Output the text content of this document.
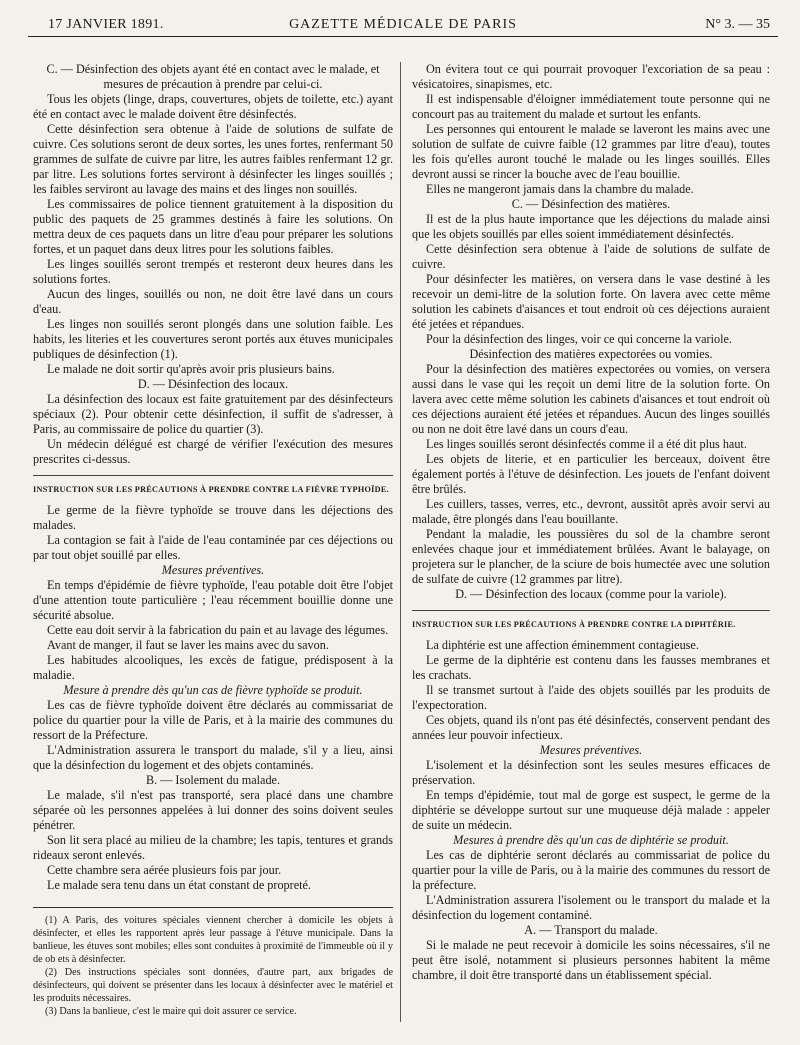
17 JANVIER 1891.	GAZETTE MÉDICALE DE PARIS	N° 3. — 35

C. — Désinfection des objets ayant été en contact avec le malade, et mesures de précaution à prendre par celui-ci.

Tous les objets (linge, draps, couvertures, objets de toilette, etc.) ayant été en contact avec le malade doivent être désinfectés.

Cette désinfection sera obtenue à l'aide de solutions de sulfate de cuivre. Ces solutions seront de deux sortes, les unes fortes, renfermant 50 grammes de sulfate de cuivre par litre, les autres faibles renfermant 12 gr. par litre. Les solutions fortes serviront à désinfecter les linges souillés ; les faibles serviront au lavage des mains et des linges non souillés.

Les commissaires de police tiennent gratuitement à la disposition du public des paquets de 25 grammes destinés à faire les solutions. On mettra deux de ces paquets dans un litre d'eau pour préparer les solutions fortes, et un paquet dans deux litres pour les solutions faibles.

Les linges souillés seront trempés et resteront deux heures dans les solutions fortes.

Aucun des linges, souillés ou non, ne doit être lavé dans un cours d'eau.

Les linges non souillés seront plongés dans une solution faible. Les habits, les literies et les couvertures seront portés aux étuves municipales publiques de désinfection (1).

Le malade ne doit sortir qu'après avoir pris plusieurs bains.

D. — Désinfection des locaux.

La désinfection des locaux est faite gratuitement par des désinfecteurs spéciaux (2). Pour obtenir cette désinfection, il suffit de s'adresser, à Paris, au commissaire de police du quartier (3).

Un médecin délégué est chargé de vérifier l'exécution des mesures prescrites ci-dessus.

INSTRUCTION SUR LES PRÉCAUTIONS À PRENDRE CONTRE LA FIÈVRE TYPHOÏDE.

Le germe de la fièvre typhoïde se trouve dans les déjections des malades.

La contagion se fait à l'aide de l'eau contaminée par ces déjections ou par tout objet souillé par elles.

Mesures préventives.

En temps d'épidémie de fièvre typhoïde, l'eau potable doit être l'objet d'une attention toute particulière ; l'eau récemment bouillie donne une sécurité absolue.

Cette eau doit servir à la fabrication du pain et au lavage des légumes.

Avant de manger, il faut se laver les mains avec du savon.

Les habitudes alcooliques, les excès de fatigue, prédisposent à la maladie.

Mesure à prendre dès qu'un cas de fièvre typhoïde se produit.

Les cas de fièvre typhoïde doivent être déclarés au commissariat de police du quartier pour la ville de Paris, et à la mairie des communes du ressort de la Préfecture.

L'Administration assurera le transport du malade, s'il y a lieu, ainsi que la désinfection du logement et des objets contaminés.

B. — Isolement du malade.

Le malade, s'il n'est pas transporté, sera placé dans une chambre séparée où les personnes appelées à lui donner des soins doivent seules pénétrer.

Son lit sera placé au milieu de la chambre; les tapis, tentures et grands rideaux seront enlevés.

Cette chambre sera aérée plusieurs fois par jour.

Le malade sera tenu dans un état constant de propreté.

(1) A Paris, des voitures spéciales viennent chercher à domicile les objets à désinfecter, et elles les rapportent après leur passage à l'étuve municipale. Dans la banlieue, les étuves sont mobiles; elles sont conduites à proximité de l'immeuble où il y de ob ets à désinfecter.

(2) Des instructions spéciales sont données, d'autre part, aux brigades de désinfecteurs, qui doivent se présenter dans les locaux à désinfecter avec le matériel et les produits nécessaires.

(3) Dans la banlieue, c'est le maire qui doit assurer ce service.

On évitera tout ce qui pourrait provoquer l'excoriation de sa peau : vésicatoires, sinapismes, etc.

Il est indispensable d'éloigner immédiatement toute personne qui ne concourt pas au traitement du malade et surtout les enfants.

Les personnes qui entourent le malade se laveront les mains avec une solution de sulfate de cuivre faible (12 grammes par litre d'eau), toutes les fois qu'elles auront touché le malade ou les linges souillés. Elles devront aussi se rincer la bouche avec de l'eau bouillie.

Elles ne mangeront jamais dans la chambre du malade.

C. — Désinfection des matières.

Il est de la plus haute importance que les déjections du malade ainsi que les objets souillés par elles soient immédiatement désinfectés.

Cette désinfection sera obtenue à l'aide de solutions de sulfate de cuivre.

Pour désinfecter les matières, on versera dans le vase destiné à les recevoir un demi-litre de la solution forte. On lavera avec cette même solution les cabinets d'aisances et tout endroit où ces déjections auraient été jetées et répandues.

Pour la désinfection des linges, voir ce qui concerne la variole.

Désinfection des matières expectorées ou vomies.

Pour la désinfection des matières expectorées ou vomies, on versera aussi dans le vase qui les reçoit un demi litre de la solution forte. On lavera avec cette même solution les cabinets d'aisances et tout endroit où ces déjections auraient été jetées et répandues. Aucun des linges souillés ou non ne doit être lavé dans un cours d'eau.

Les linges souillés seront désinfectés comme il a été dit plus haut.

Les objets de literie, et en particulier les berceaux, doivent être également portés à l'étuve de désinfection. Les jouets de l'enfant doivent être brûlés.

Les cuillers, tasses, verres, etc., devront, aussitôt après avoir servi au malade, être plongés dans l'eau bouillante.

Pendant la maladie, les poussières du sol de la chambre seront enlevées chaque jour et immédiatement brûlées. Avant le balayage, on projetera sur le plancher, de la sciure de bois humectée avec une solution de sulfate de cuivre (12 grammes par litre).

D. — Désinfection des locaux (comme pour la variole).

INSTRUCTION SUR LES PRÉCAUTIONS À PRENDRE CONTRE LA DIPHTÉRIE.

La diphtérie est une affection éminemment contagieuse.

Le germe de la diphtérie est contenu dans les fausses membranes et les crachats.

Il se transmet surtout à l'aide des objets souillés par les produits de l'expectoration.

Ces objets, quand ils n'ont pas été désinfectés, conservent pendant des années leur pouvoir infectieux.

Mesures préventives.

L'isolement et la désinfection sont les seules mesures efficaces de préservation.

En temps d'épidémie, tout mal de gorge est suspect, le germe de la diphtérie se développe surtout sur une muqueuse déjà malade : appeler de suite un médecin.

Mesures à prendre dès qu'un cas de diphtérie se produit.

Les cas de diphtérie seront déclarés au commissariat de police du quartier pour la ville de Paris, ou à la mairie des communes du ressort de la préfecture.

L'Administration assurera l'isolement ou le transport du malade et la désinfection du logement contaminé.

A. — Transport du malade.

Si le malade ne peut recevoir à domicile les soins nécessaires, s'il ne peut être isolé, notamment si plusieurs personnes habitent la même chambre, il doit être transporté dans un établissement spécial.
